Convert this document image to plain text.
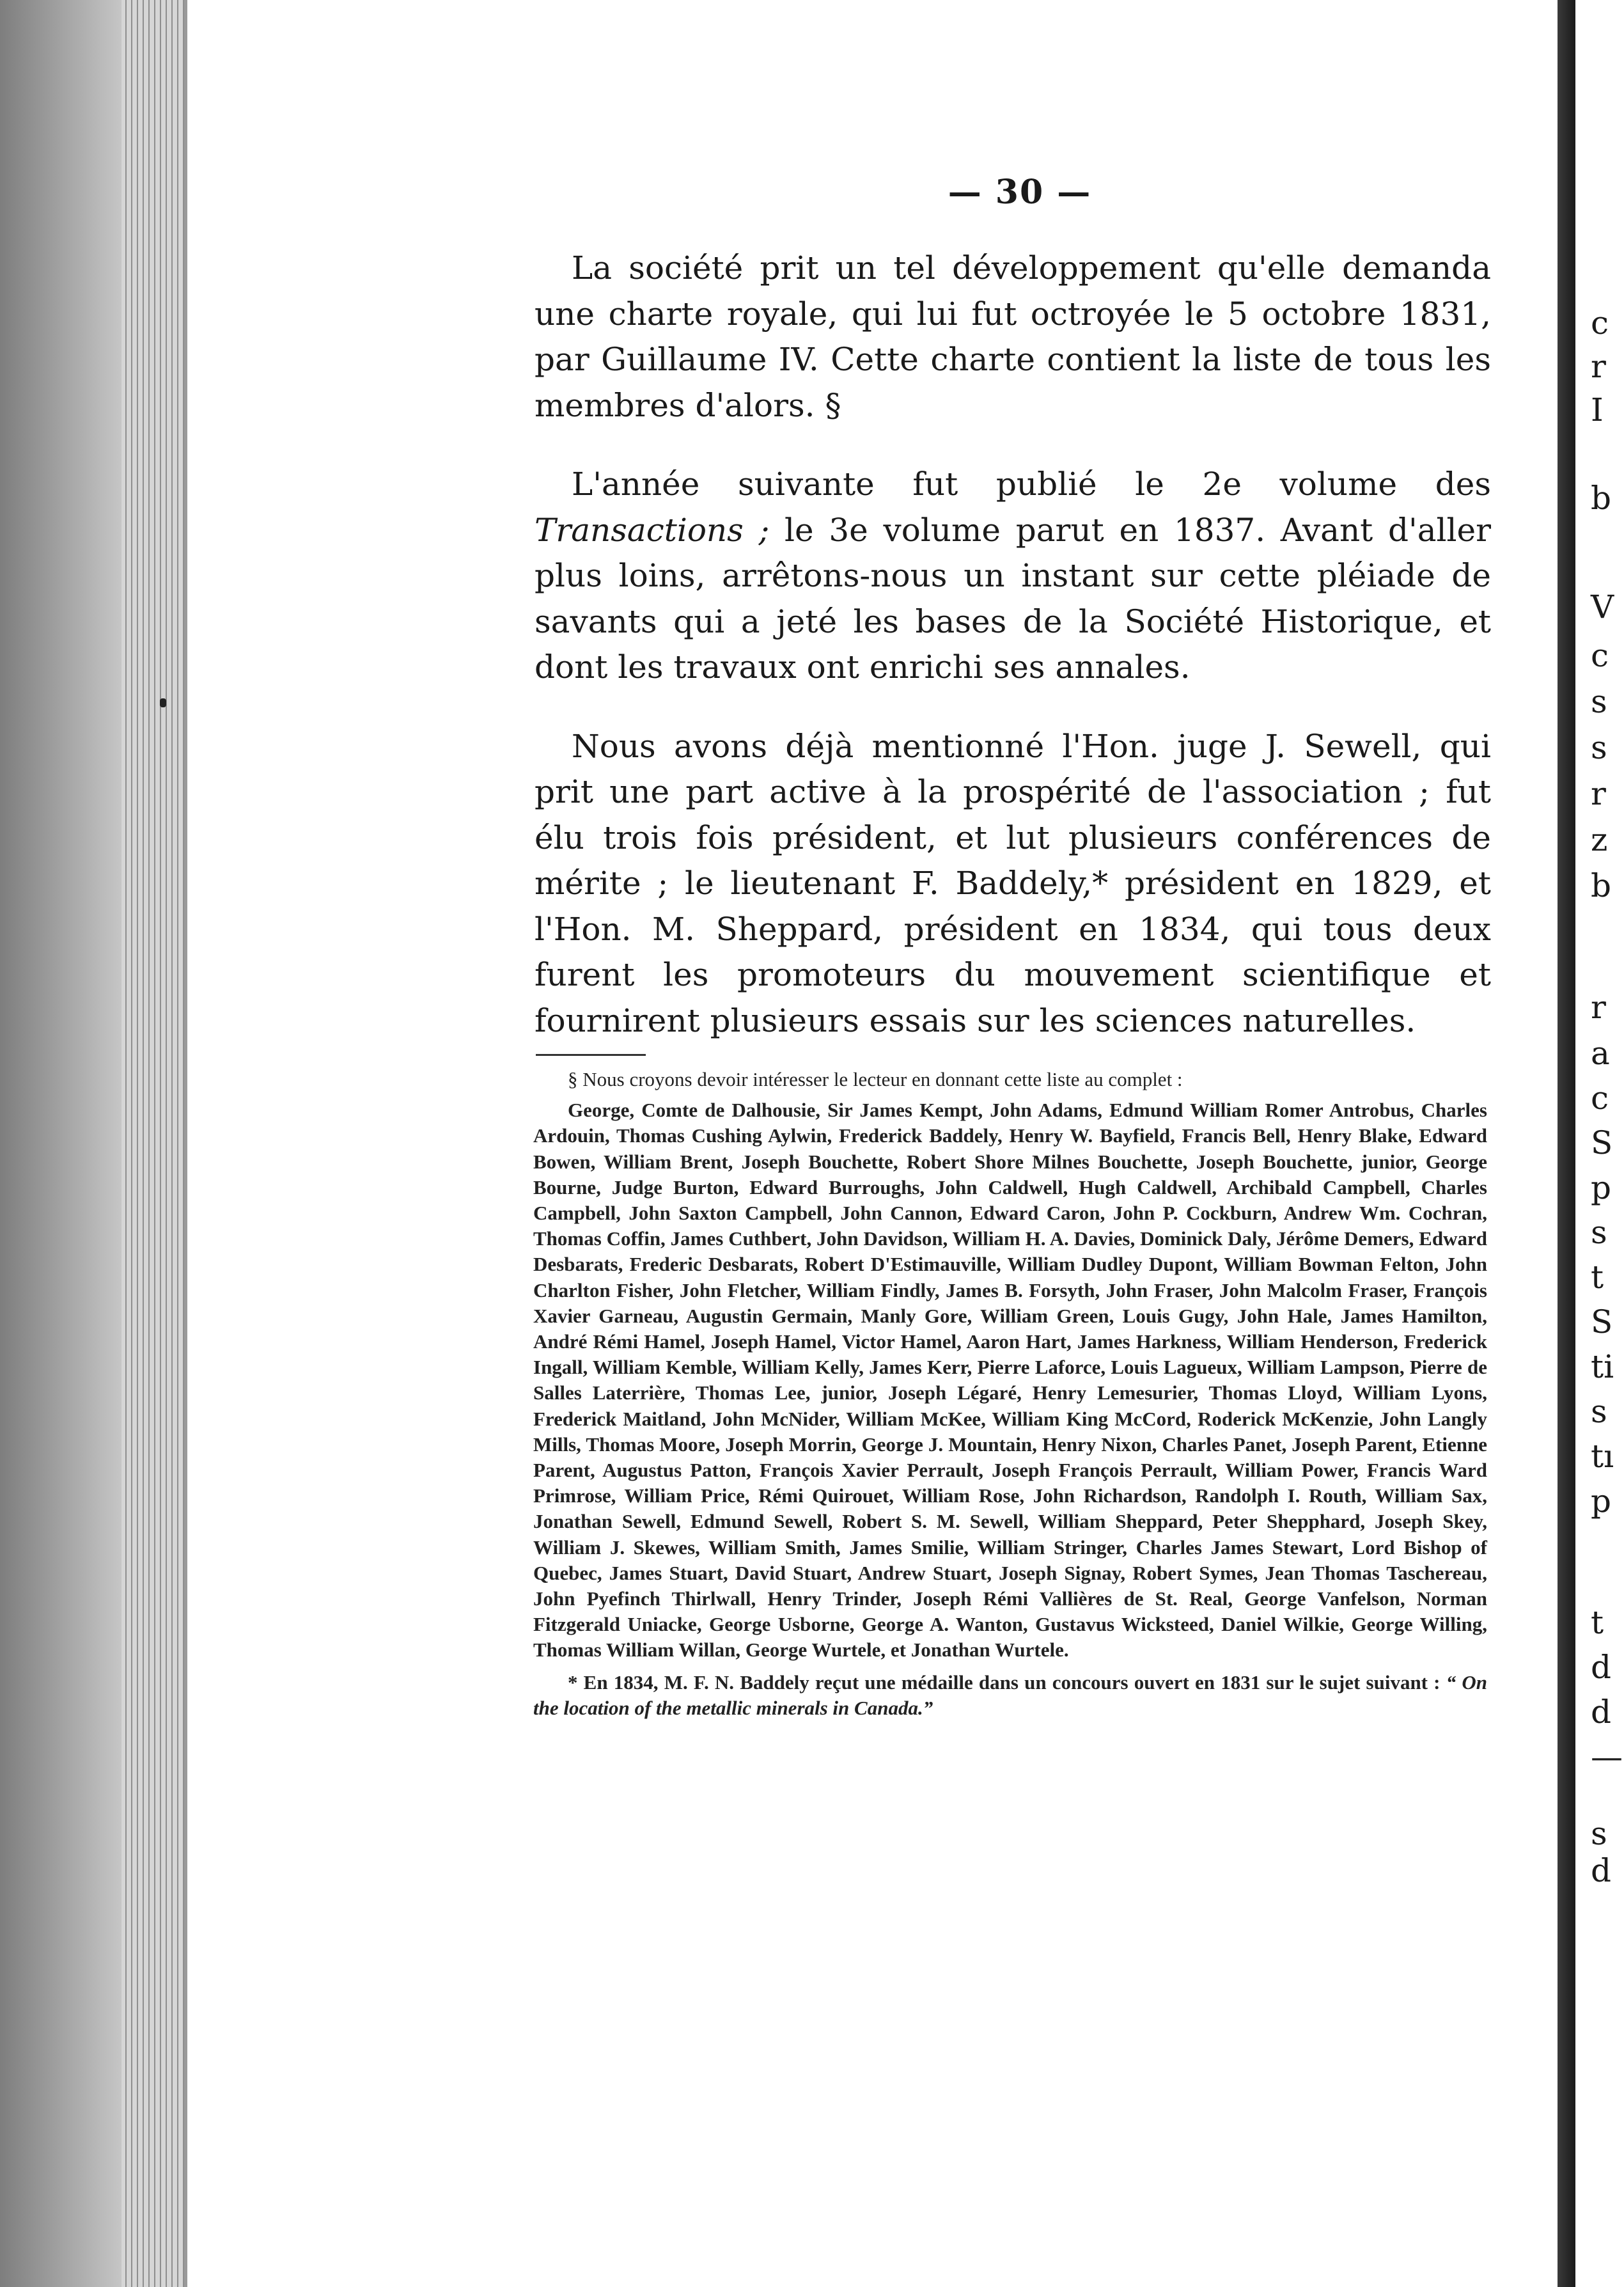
c
r
I
b
V
c
s
s
r
z
b
r
a
c
S
p
s
t
S
ti
s
tı
p
t
d
d
—
s
d
— 30 —

La société prit un tel développement qu'elle demanda une charte royale, qui lui fut octroyée le 5 octobre 1831, par Guillaume IV. Cette charte contient la liste de tous les membres d'alors. §

L'année suivante fut publié le 2e volume des Transactions ; le 3e volume parut en 1837. Avant d'aller plus loins, arrêtons-nous un instant sur cette pléiade de savants qui a jeté les bases de la Société Historique, et dont les travaux ont enrichi ses annales.

Nous avons déjà mentionné l'Hon. juge J. Sewell, qui prit une part active à la prospérité de l'association ; fut élu trois fois président, et lut plusieurs conférences de mérite ; le lieutenant F. Baddely,* président en 1829, et l'Hon. M. Sheppard, président en 1834, qui tous deux furent les promoteurs du mouvement scientifique et fournirent plusieurs essais sur les sciences naturelles.

§ Nous croyons devoir intéresser le lecteur en donnant cette liste au complet :

George, Comte de Dalhousie, Sir James Kempt, John Adams, Edmund William Romer Antrobus, Charles Ardouin, Thomas Cushing Aylwin, Frederick Baddely, Henry W. Bayfield, Francis Bell, Henry Blake, Edward Bowen, William Brent, Joseph Bouchette, Robert Shore Milnes Bouchette, Joseph Bouchette, junior, George Bourne, Judge Burton, Edward Burroughs, John Caldwell, Hugh Caldwell, Archibald Campbell, Charles Campbell, John Saxton Campbell, John Cannon, Edward Caron, John P. Cockburn, Andrew Wm. Cochran, Thomas Coffin, James Cuthbert, John Davidson, William H. A. Davies, Dominick Daly, Jérôme Demers, Edward Desbarats, Frederic Desbarats, Robert D'Estimauville, William Dudley Dupont, William Bowman Felton, John Charlton Fisher, John Fletcher, William Findly, James B. Forsyth, John Fraser, John Malcolm Fraser, François Xavier Garneau, Augustin Germain, Manly Gore, William Green, Louis Gugy, John Hale, James Hamilton, André Rémi Hamel, Joseph Hamel, Victor Hamel, Aaron Hart, James Harkness, William Henderson, Frederick Ingall, William Kemble, William Kelly, James Kerr, Pierre Laforce, Louis Lagueux, William Lampson, Pierre de Salles Laterrière, Thomas Lee, junior, Joseph Légaré, Henry Lemesurier, Thomas Lloyd, William Lyons, Frederick Maitland, John McNider, William McKee, William King McCord, Roderick McKenzie, John Langly Mills, Thomas Moore, Joseph Morrin, George J. Mountain, Henry Nixon, Charles Panet, Joseph Parent, Etienne Parent, Augustus Patton, François Xavier Perrault, Joseph François Perrault, William Power, Francis Ward Primrose, William Price, Rémi Quirouet, William Rose, John Richardson, Randolph I. Routh, William Sax, Jonathan Sewell, Edmund Sewell, Robert S. M. Sewell, William Sheppard, Peter Shepphard, Joseph Skey, William J. Skewes, William Smith, James Smilie, William Stringer, Charles James Stewart, Lord Bishop of Quebec, James Stuart, David Stuart, Andrew Stuart, Joseph Signay, Robert Symes, Jean Thomas Taschereau, John Pyefinch Thirlwall, Henry Trinder, Joseph Rémi Vallières de St. Real, George Vanfelson, Norman Fitzgerald Uniacke, George Usborne, George A. Wanton, Gustavus Wicksteed, Daniel Wilkie, George Willing, Thomas William Willan, George Wurtele, et Jonathan Wurtele.

* En 1834, M. F. N. Baddely reçut une médaille dans un concours ouvert en 1831 sur le sujet suivant : “ On the location of the metallic minerals in Canada.”
